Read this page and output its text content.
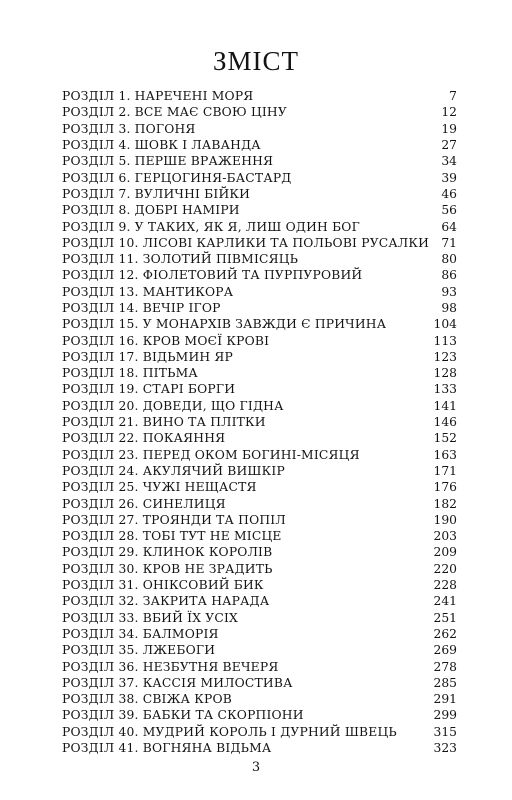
ЗМІСТ
РОЗДІЛ 1. НАРЕЧЕНІ МОРЯ	7
РОЗДІЛ 2. ВСЕ МАЄ СВОЮ ЦІНУ	12
РОЗДІЛ 3. ПОГОНЯ	19
РОЗДІЛ 4. ШОВК І ЛАВАНДА	27
РОЗДІЛ 5. ПЕРШЕ ВРАЖЕННЯ	34
РОЗДІЛ 6. ГЕРЦОГИНЯ-БАСТАРД	39
РОЗДІЛ 7. ВУЛИЧНІ БІЙКИ	46
РОЗДІЛ 8. ДОБРІ НАМІРИ	56
РОЗДІЛ 9. У ТАКИХ, ЯК Я, ЛИШ ОДИН БОГ	64
РОЗДІЛ 10. ЛІСОВІ КАРЛИКИ ТА ПОЛЬОВІ РУСАЛКИ	71
РОЗДІЛ 11. ЗОЛОТИЙ ПІВМІСЯЦЬ	80
РОЗДІЛ 12. ФІОЛЕТОВИЙ ТА ПУРПУРОВИЙ	86
РОЗДІЛ 13. МАНТИКОРА	93
РОЗДІЛ 14. ВЕЧІР ІГОР	98
РОЗДІЛ 15. У МОНАРХІВ ЗАВЖДИ Є ПРИЧИНА	104
РОЗДІЛ 16. КРОВ МОЄЇ КРОВІ	113
РОЗДІЛ 17. ВІДЬМИН ЯР	123
РОЗДІЛ 18. ПІТЬМА	128
РОЗДІЛ 19. СТАРІ БОРГИ	133
РОЗДІЛ 20. ДОВЕДИ, ЩО ГІДНА	141
РОЗДІЛ 21. ВИНО ТА ПЛІТКИ	146
РОЗДІЛ 22. ПОКАЯННЯ	152
РОЗДІЛ 23. ПЕРЕД ОКОМ БОГИНІ-МІСЯЦЯ	163
РОЗДІЛ 24. АКУЛЯЧИЙ ВИШКІР	171
РОЗДІЛ 25. ЧУЖІ НЕЩАСТЯ	176
РОЗДІЛ 26. СИНЕЛИЦЯ	182
РОЗДІЛ 27. ТРОЯНДИ ТА ПОПІЛ	190
РОЗДІЛ 28. ТОБІ ТУТ НЕ МІСЦЕ	203
РОЗДІЛ 29. КЛИНОК КОРОЛІВ	209
РОЗДІЛ 30. КРОВ НЕ ЗРАДИТЬ	220
РОЗДІЛ 31. ОНІКСОВИЙ БИК	228
РОЗДІЛ 32. ЗАКРИТА НАРАДА	241
РОЗДІЛ 33. ВБИЙ ЇХ УСІХ	251
РОЗДІЛ 34. БАЛМОРІЯ	262
РОЗДІЛ 35. ЛЖЕБОГИ	269
РОЗДІЛ 36. НЕЗБУТНЯ ВЕЧЕРЯ	278
РОЗДІЛ 37. КАССІЯ МИЛОСТИВА	285
РОЗДІЛ 38. СВІЖА КРОВ	291
РОЗДІЛ 39. БАБКИ ТА СКОРПІОНИ	299
РОЗДІЛ 40. МУДРИЙ КОРОЛЬ І ДУРНИЙ ШВЕЦЬ	315
РОЗДІЛ 41. ВОГНЯНА ВІДЬМА	323
3
